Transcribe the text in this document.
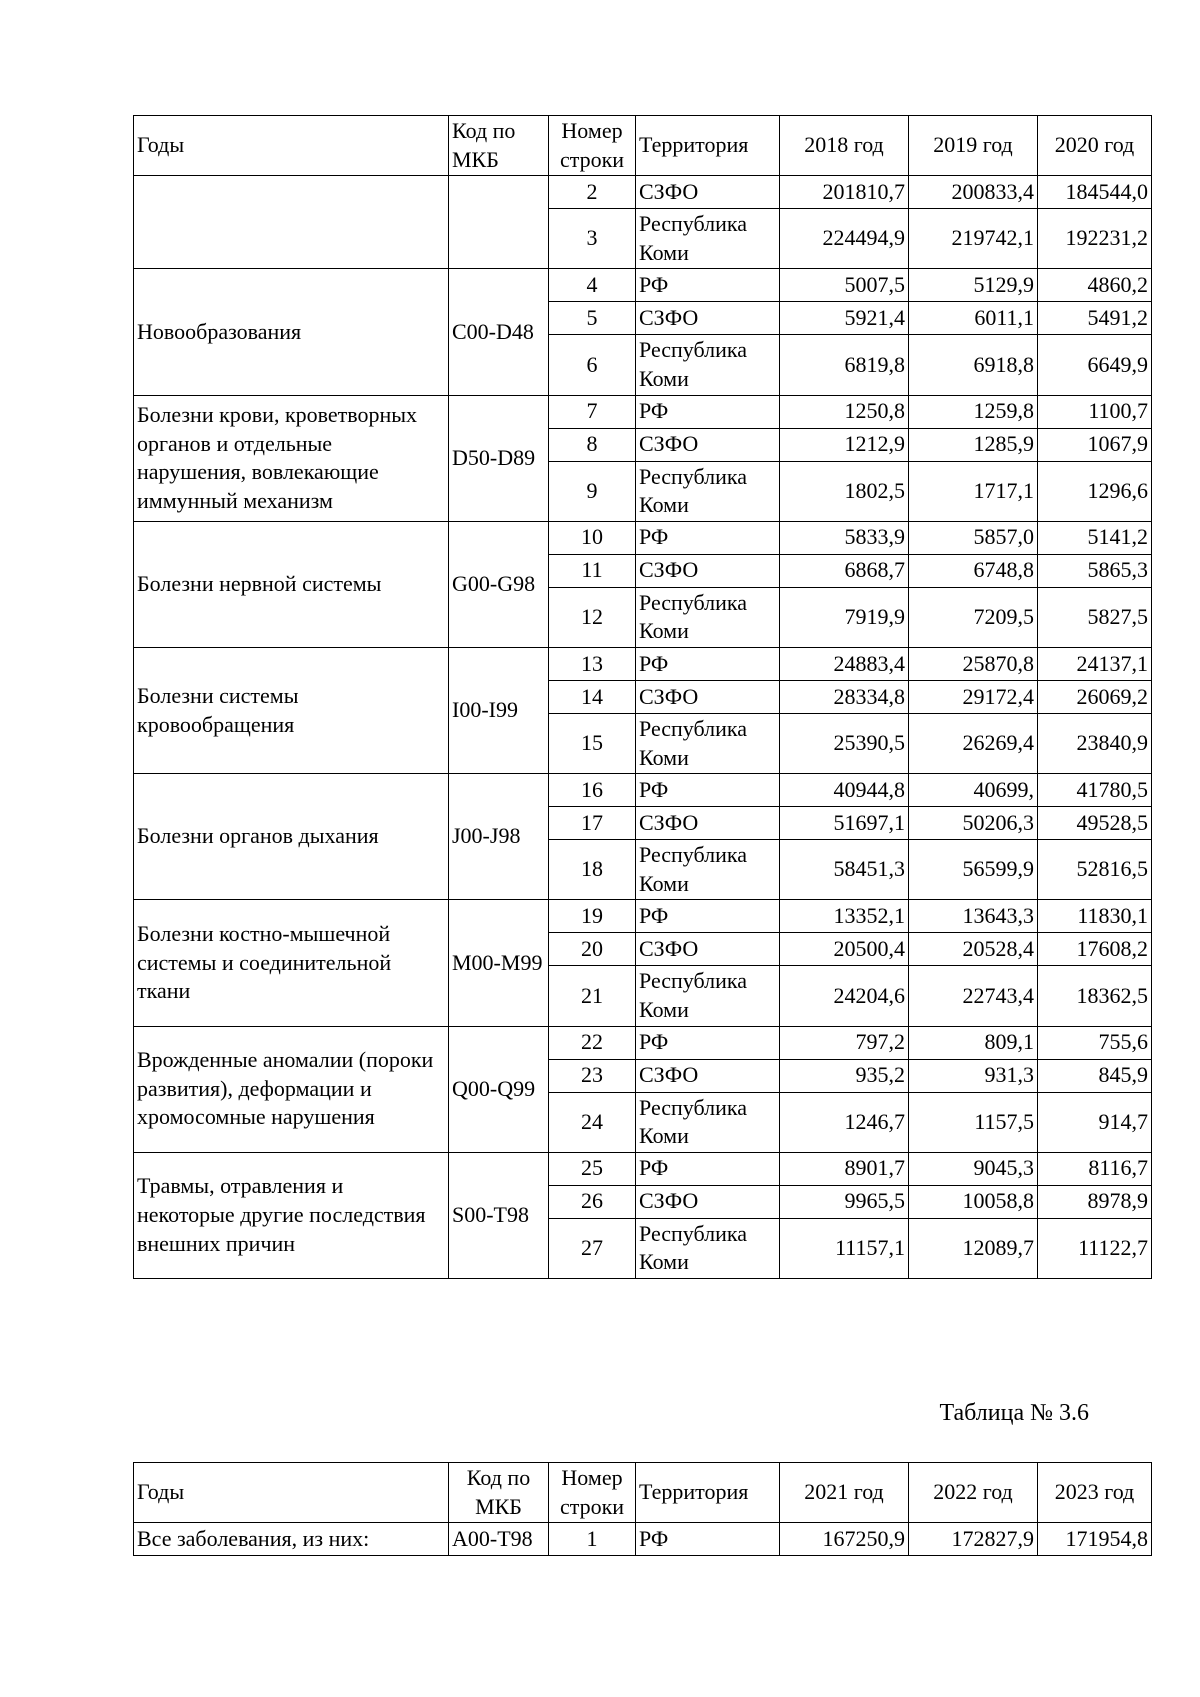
Годы	Код по МКБ	Номер строки	Территория	2018 год	2019 год	2020 год
		2	СЗФО	201810,7	200833,4	184544,0
		3	Республика Коми	224494,9	219742,1	192231,2
Новообразования	C00-D48	4	РФ	5007,5	5129,9	4860,2
		5	СЗФО	5921,4	6011,1	5491,2
		6	Республика Коми	6819,8	6918,8	6649,9
Болезни крови, кроветворных органов и отдельные нарушения, вовлекающие иммунный механизм	D50-D89	7	РФ	1250,8	1259,8	1100,7
		8	СЗФО	1212,9	1285,9	1067,9
		9	Республика Коми	1802,5	1717,1	1296,6
Болезни нервной системы	G00-G98	10	РФ	5833,9	5857,0	5141,2
		11	СЗФО	6868,7	6748,8	5865,3
		12	Республика Коми	7919,9	7209,5	5827,5
Болезни системы кровообращения	I00-I99	13	РФ	24883,4	25870,8	24137,1
		14	СЗФО	28334,8	29172,4	26069,2
		15	Республика Коми	25390,5	26269,4	23840,9
Болезни органов дыхания	J00-J98	16	РФ	40944,8	40699,	41780,5
		17	СЗФО	51697,1	50206,3	49528,5
		18	Республика Коми	58451,3	56599,9	52816,5
Болезни костно-мышечной системы и соединительной ткани	M00-M99	19	РФ	13352,1	13643,3	11830,1
		20	СЗФО	20500,4	20528,4	17608,2
		21	Республика Коми	24204,6	22743,4	18362,5
Врожденные аномалии (пороки развития), деформации и хромосомные нарушения	Q00-Q99	22	РФ	797,2	809,1	755,6
		23	СЗФО	935,2	931,3	845,9
		24	Республика Коми	1246,7	1157,5	914,7
Травмы, отравления и некоторые другие последствия внешних причин	S00-T98	25	РФ	8901,7	9045,3	8116,7
		26	СЗФО	9965,5	10058,8	8978,9
		27	Республика Коми	11157,1	12089,7	11122,7
Таблица № 3.6
Годы	Код по МКБ	Номер строки	Территория	2021 год	2022 год	2023 год
Все заболевания, из них:	A00-T98	1	РФ	167250,9	172827,9	171954,8
